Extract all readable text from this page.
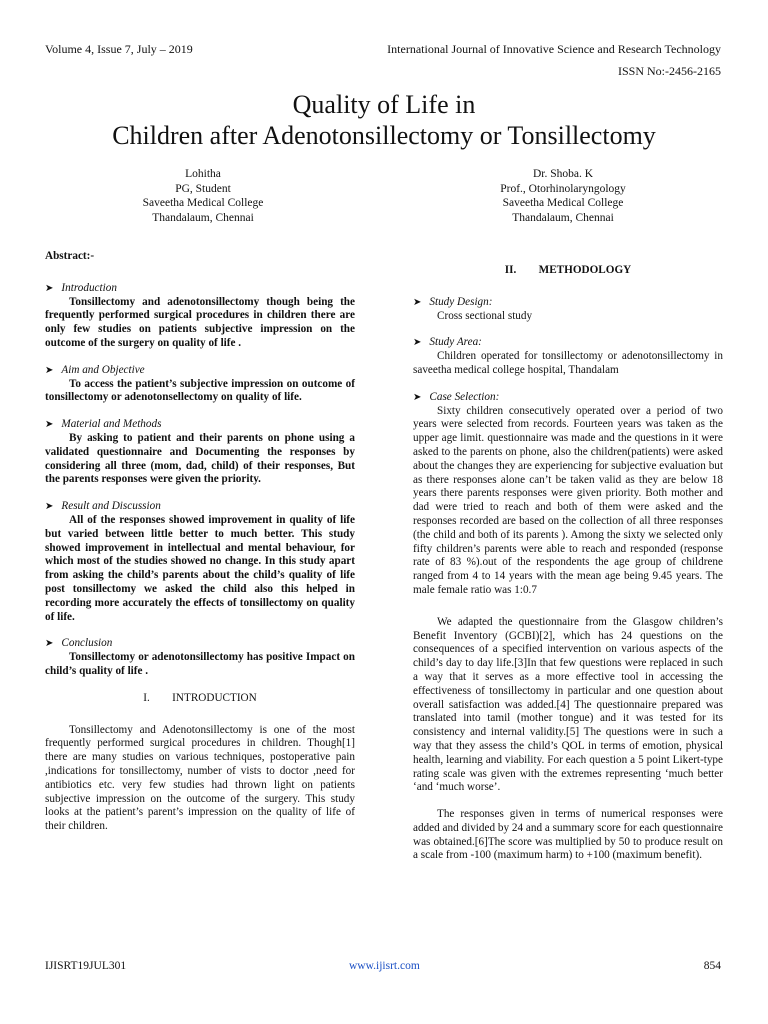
Volume 4, Issue 7, July – 2019	International Journal of Innovative Science and Research Technology
ISSN No:-2456-2165
Quality of Life in
Children after Adenotonsillectomy or Tonsillectomy
Lohitha
PG, Student
Saveetha Medical College
Thandalaum, Chennai
Dr. Shoba. K
Prof., Otorhinolaryngology
Saveetha Medical College
Thandalaum, Chennai

Abstract:-

➤ Introduction

Tonsillectomy and adenotonsillectomy though being the frequently performed surgical procedures in children there are only few studies on patients subjective impression on the outcome of the surgery on quality of life .

➤ Aim and Objective

To access the patient’s subjective impression on outcome of tonsillectomy or adenotonsellectomy on quality of life.

➤ Material and Methods

By asking to patient and their parents on phone using a validated questionnaire and Documenting the responses by considering all three (mom, dad, child) of their responses, But the parents responses were given the priority.

➤ Result and Discussion

All of the responses showed improvement in quality of life but varied between little better to much better. This study showed improvement in intellectual and mental behaviour, for which most of the studies showed no change. In this study apart from asking the child’s parents about the child’s quality of life post tonsillectomy we asked the child also this helped in recording more accurately the effects of tonsillectomy on quality of life.

➤ Conclusion

Tonsillectomy or adenotonsillectomy has positive Impact on child’s quality of life .

I.  INTRODUCTION

Tonsillectomy and Adenotonsillectomy is one of the most frequently performed surgical procedures in children. Though[1] there are many studies on various techniques, postoperative pain ,indications for tonsillectomy, number of vists to doctor ,need for antibiotics etc. very few studies had thrown light on patients subjective impression on the outcome of the surgery. This study looks at the patient’s parent’s impression on the quality of life of their children.

II.  METHODOLOGY

➤ Study Design:

Cross sectional study

➤ Study Area:

Children operated for tonsillectomy or adenotonsillectomy in saveetha medical college hospital, Thandalam

➤ Case Selection:

Sixty children consecutively operated over a period of two years were selected from records. Fourteen years was taken as the upper age limit. questionnaire was made and the questions in it were asked to the parents on phone, also the children(patients) were asked about the changes they are experiencing for subjective evaluation but as there responses alone can’t be taken valid as they are below 18 years there parents responses were given priority. Both mother and dad were tried to reach and both of them were asked and the responses recorded are based on the collection of all three responses (the child and both of its parents ). Among the sixty we selected only fifty children’s parents were able to reach and responded (response rate of 83 %).out of the respondents the age group of childrene ranged from 4 to 14 years with the mean age being 9.45 years. The male female ratio was 1:0.7

We adapted the questionnaire from the Glasgow children’s Benefit Inventory (GCBI)[2], which has 24 questions on the consequences of a specified intervention on various aspects of the child’s day to day life.[3]In that few questions were replaced in such a way that it serves as a more effective tool in accessing the effectiveness of tonsillectomy in particular and one question about overall satisfaction was added.[4] The questionnaire prepared was translated into tamil (mother tongue) and it was tested for its consistency and internal validity.[5] The questions were in such a way that they assess the child’s QOL in terms of emotion, physical health, learning and viability. For each question a 5 point Likert-type rating scale was given with the extremes representing ‘much better ‘and ‘much worse’.

The responses given in terms of numerical responses were added and divided by 24 and a summary score for each questionnaire was obtained.[6]The score was multiplied by 50 to produce result on a scale from -100 (maximum harm) to +100 (maximum benefit).

IJISRT19JUL301	www.ijisrt.com	854
